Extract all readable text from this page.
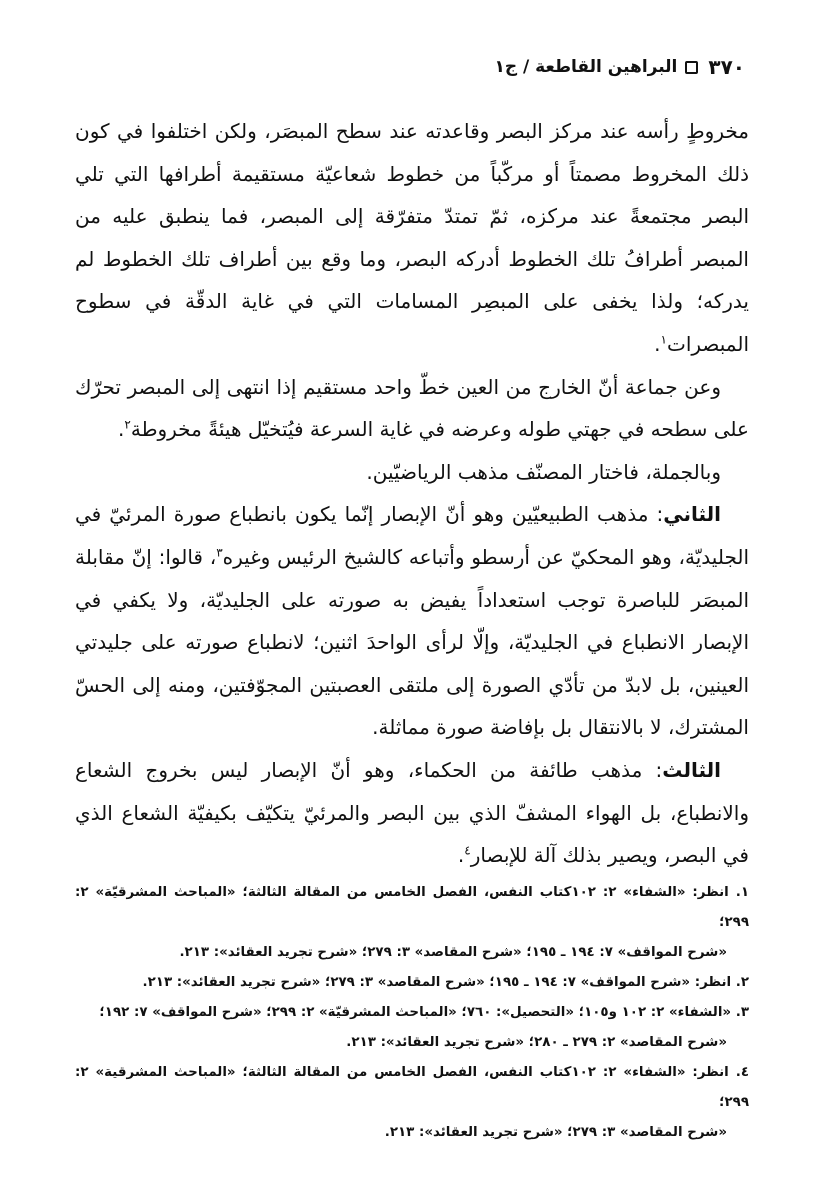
٣٧٠
البراهين القاطعة / ج١

مخروطٍ رأسه عند مركز البصر وقاعدته عند سطح المبصَر، ولكن اختلفوا في كون ذلك المخروط مصمتاً أو مركّباً من خطوط شعاعيّة مستقيمة أطرافها التي تلي البصر مجتمعةً عند مركزه، ثمّ تمتدّ متفرّقة إلى المبصر، فما ينطبق عليه من المبصر أطرافُ تلك الخطوط أدركه البصر، وما وقع بين أطراف تلك الخطوط لم يدركه؛ ولذا يخفى على المبصِر المسامات التي في غاية الدقّة في سطوح المبصرات$^١$.

وعن جماعة أنّ الخارج من العين خطّ واحد مستقيم إذا انتهى إلى المبصر تحرّك على سطحه في جهتي طوله وعرضه في غاية السرعة فيُتخيّل هيئةً مخروطة$^٢$.

وبالجملة، فاختار المصنّف مذهب الرياضيّين.

الثاني: مذهب الطبيعيّين وهو أنّ الإبصار إنّما يكون بانطباع صورة المرئيّ في الجليديّة، وهو المحكيّ عن أرسطو وأتباعه كالشيخ الرئيس وغيره$^٣$، قالوا: إنّ مقابلة المبصَر للباصرة توجب استعداداً يفيض به صورته على الجليديّة، ولا يكفي في الإبصار الانطباع في الجليديّة، وإلّا لرأى الواحدَ اثنين؛ لانطباع صورته على جليدتي العينين، بل لابدّ من تأدّي الصورة إلى ملتقى العصبتين المجوّفتين، ومنه إلى الحسّ المشترك، لا بالانتقال بل بإفاضة صورة مماثلة.

الثالث: مذهب طائفة من الحكماء، وهو أنّ الإبصار ليس بخروج الشعاع والانطباع، بل الهواء المشفّ الذي بين البصر والمرئيّ يتكيّف بكيفيّة الشعاع الذي في البصر، ويصير بذلك آلة للإبصار$^٤$.

١. انظر: «الشفاء» ٢: ١٠٢كتاب النفس، الفصل الخامس من المقالة الثالثة؛ «المباحث المشرقيّة» ٢: ٢٩٩؛
«شرح المواقف» ٧: ١٩٤ ـ ١٩٥؛ «شرح المقاصد» ٣: ٢٧٩؛ «شرح تجريد العقائد»: ٢١٣.

٢. انظر: «شرح المواقف» ٧: ١٩٤ ـ ١٩٥؛ «شرح المقاصد» ٣: ٢٧٩؛ «شرح تجريد العقائد»: ٢١٣.

٣. «الشفاء» ٢: ١٠٢ و١٠٥؛ «التحصيل»: ٧٦٠؛ «المباحث المشرقيّة» ٢: ٢٩٩؛ «شرح المواقف» ٧: ١٩٢؛
«شرح المقاصد» ٢: ٢٧٩ ـ ٢٨٠؛ «شرح تجريد العقائد»: ٢١٣.

٤. انظر: «الشفاء» ٢: ١٠٢كتاب النفس، الفصل الخامس من المقالة الثالثة؛ «المباحث المشرقية» ٢: ٢٩٩؛
«شرح المقاصد» ٣: ٢٧٩؛ «شرح تجريد العقائد»: ٢١٣.
